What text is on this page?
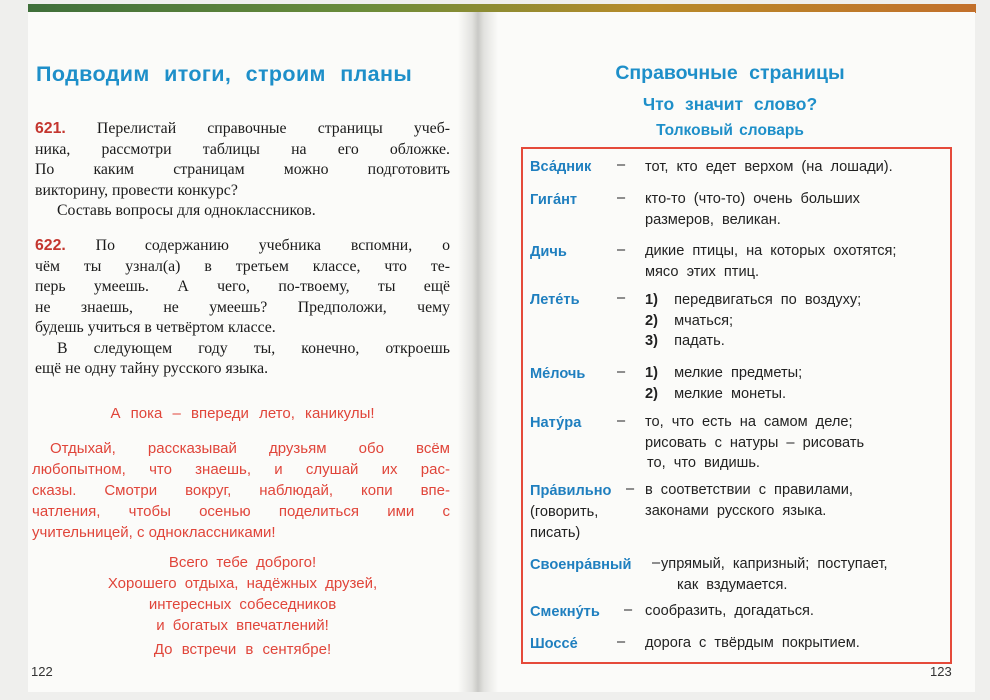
Подводим итоги, строим планы

621. Перелистай справочные страницы учеб-

ника, рассмотри таблицы на его обложке.

По каким страницам можно подготовить

викторину, провести конкурс?

Составь вопросы для одноклассников.

622. По содержанию учебника вспомни, о

чём ты узнал(а) в третьем классе, что те-

перь умеешь. А чего, по-твоему, ты ещё

не знаешь, не умеешь? Предположи, чему

будешь учиться в четвёртом классе.

В следующем году ты, конечно, откроешь

ещё не одну тайну русского языка.

А пока – впереди лето, каникулы!
Отдыхай, рассказывай друзьям обо всём
любопытном, что знаешь, и слушай их рас-
сказы. Смотри вокруг, наблюдай, копи впе-
чатления, чтобы осенью поделиться ими с
учительницей, с одноклассниками!
Всего тебе доброго!
Хорошего отдыха, надёжных друзей,
интересных собеседников
и богатых впечатлений!
До встречи в сентябре!
122
Справочные страницы
Что значит слово?
Толковый словарь
Вса́дник – тот, кто едет верхом (на лошади).
Гига́нт	– кто-то (что-то) очень больших
размеров, великан.
Дичь	– дикие птицы, на которых охотятся;
мясо этих птиц.
Лете́ть	– 1) передвигаться по воздуху;
2) мчаться;
3) падать.
Ме́лочь – 1) мелкие предметы;
2) мелкие монеты.
Нату́ра – то, что есть на самом деле;
рисовать с натуры – рисовать
то, что видишь.
Пра́вильно
(говорить,
писать)
– в соответствии с правилами,
законами русского языка.
Своенра́вный – упрямый, капризный; поступает,
как вздумается.
Смекну́ть – сообразить, догадаться.
Шоссе́	– дорога с твёрдым покрытием.
123
